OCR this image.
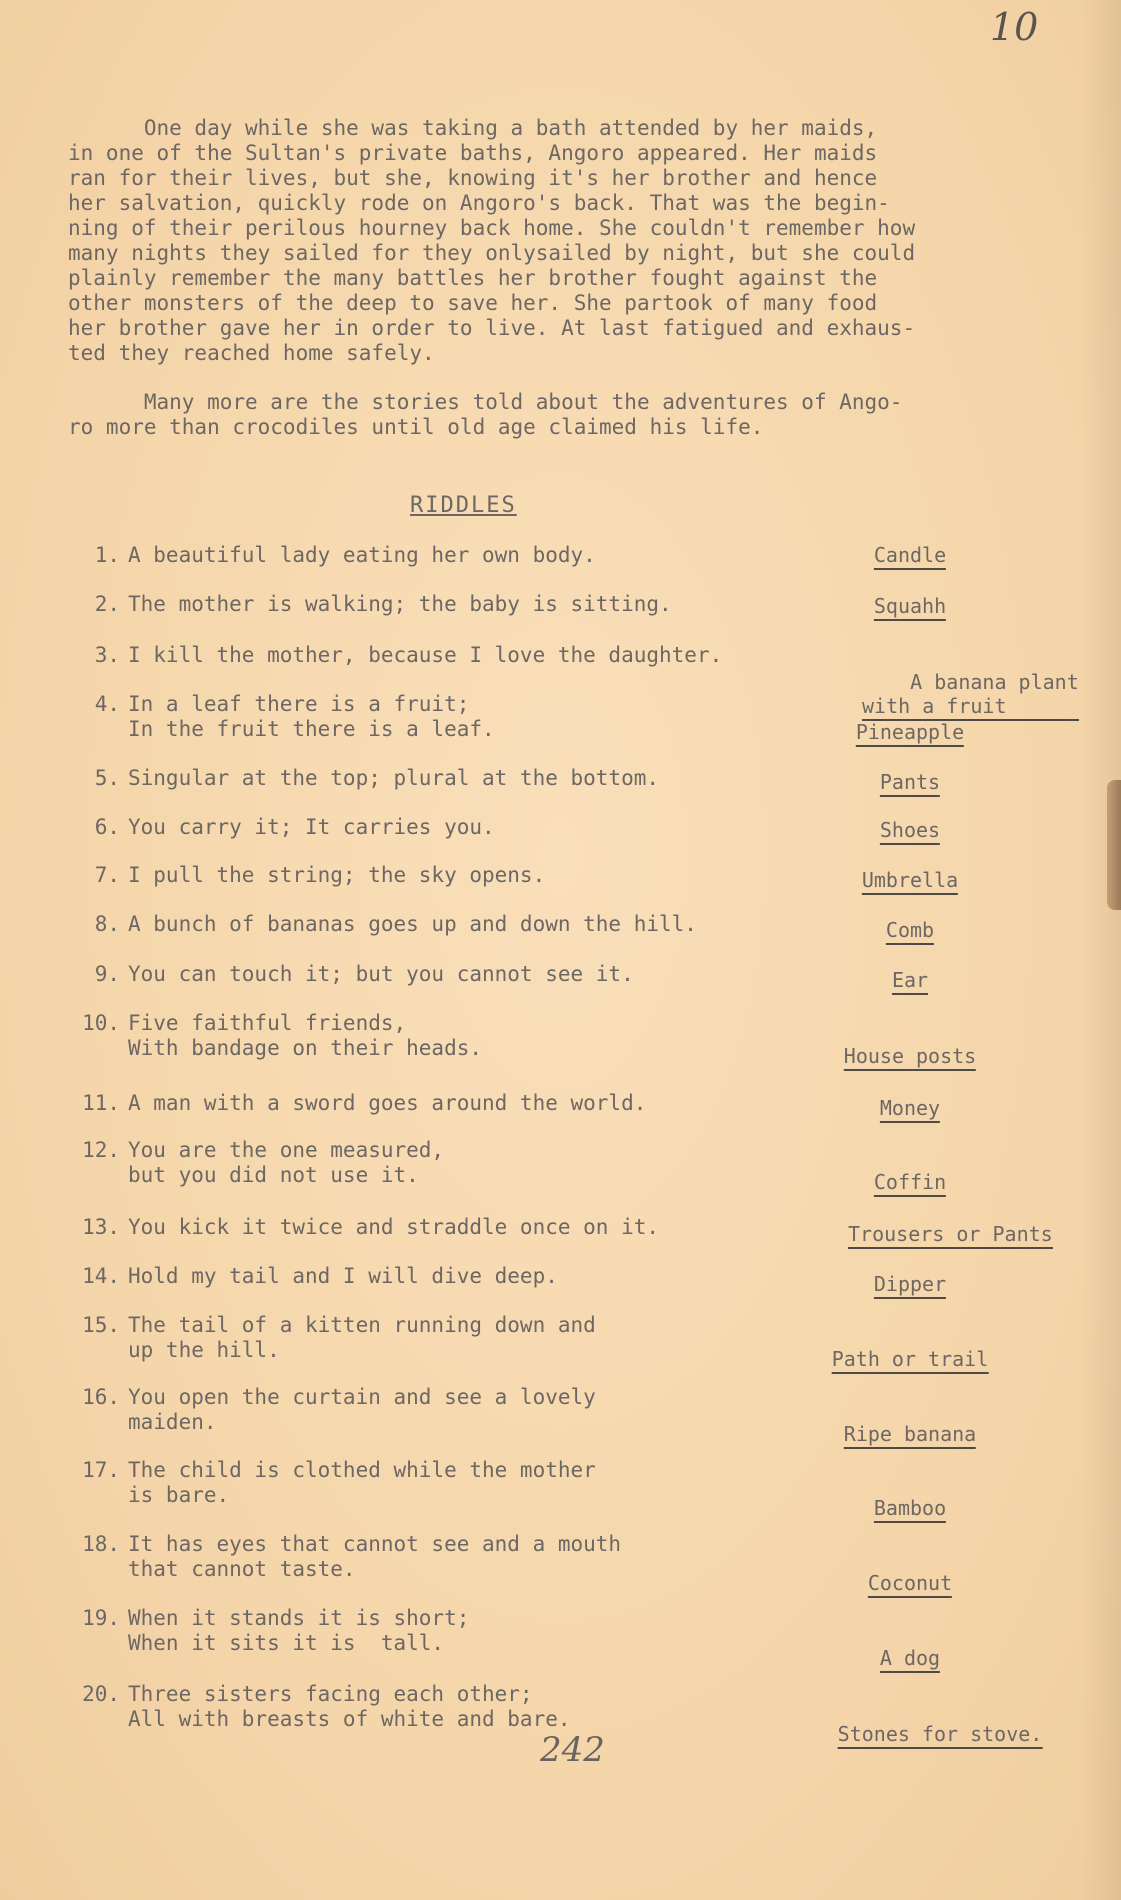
10
One day while she was taking a bath attended by her maids,
in one of the Sultan's private baths, Angoro appeared. Her maids
ran for their lives, but she, knowing it's her brother and hence
her salvation, quickly rode on Angoro's back. That was the begin-
ning of their perilous hourney back home. She couldn't remember how
many nights they sailed for they onlysailed by night, but she could
plainly remember the many battles her brother fought against the
other monsters of the deep to save her. She partook of many food
her brother gave her in order to live. At last fatigued and exhaus-
ted they reached home safely.
Many more are the stories told about the adventures of Ango-
ro more than crocodiles until old age claimed his life.
RIDDLES
1. A beautiful lady eating her own body.
2. The mother is walking; the baby is sitting.
3. I kill the mother, because I love the daughter.
4. In a leaf there is a fruit;
In the fruit there is a leaf.
5. Singular at the top; plural at the bottom.
6. You carry it; It carries you.
7. I pull the string; the sky opens.
8. A bunch of bananas goes up and down the hill.
9. You can touch it; but you cannot see it.
10. Five faithful friends,
With bandage on their heads.
11. A man with a sword goes around the world.
12. You are the one measured,
but you did not use it.
13. You kick it twice and straddle once on it.
14. Hold my tail and I will dive deep.
15. The tail of a kitten running down and
up the hill.
16. You open the curtain and see a lovely
maiden.
17. The child is clothed while the mother
is bare.
18. It has eyes that cannot see and a mouth
that cannot taste.
19. When it stands it is short;
When it sits it is  tall.
20. Three sisters facing each other;
All with breasts of white and bare.
Candle
Squahh

A banana plant
with a fruit

Pineapple
Pants
Shoes
Umbrella
Comb
Ear
House posts
Money
Coffin
Trousers or Pants
Dipper
Path or trail
Ripe banana
Bamboo
Coconut
A dog
Stones for stove.
242
